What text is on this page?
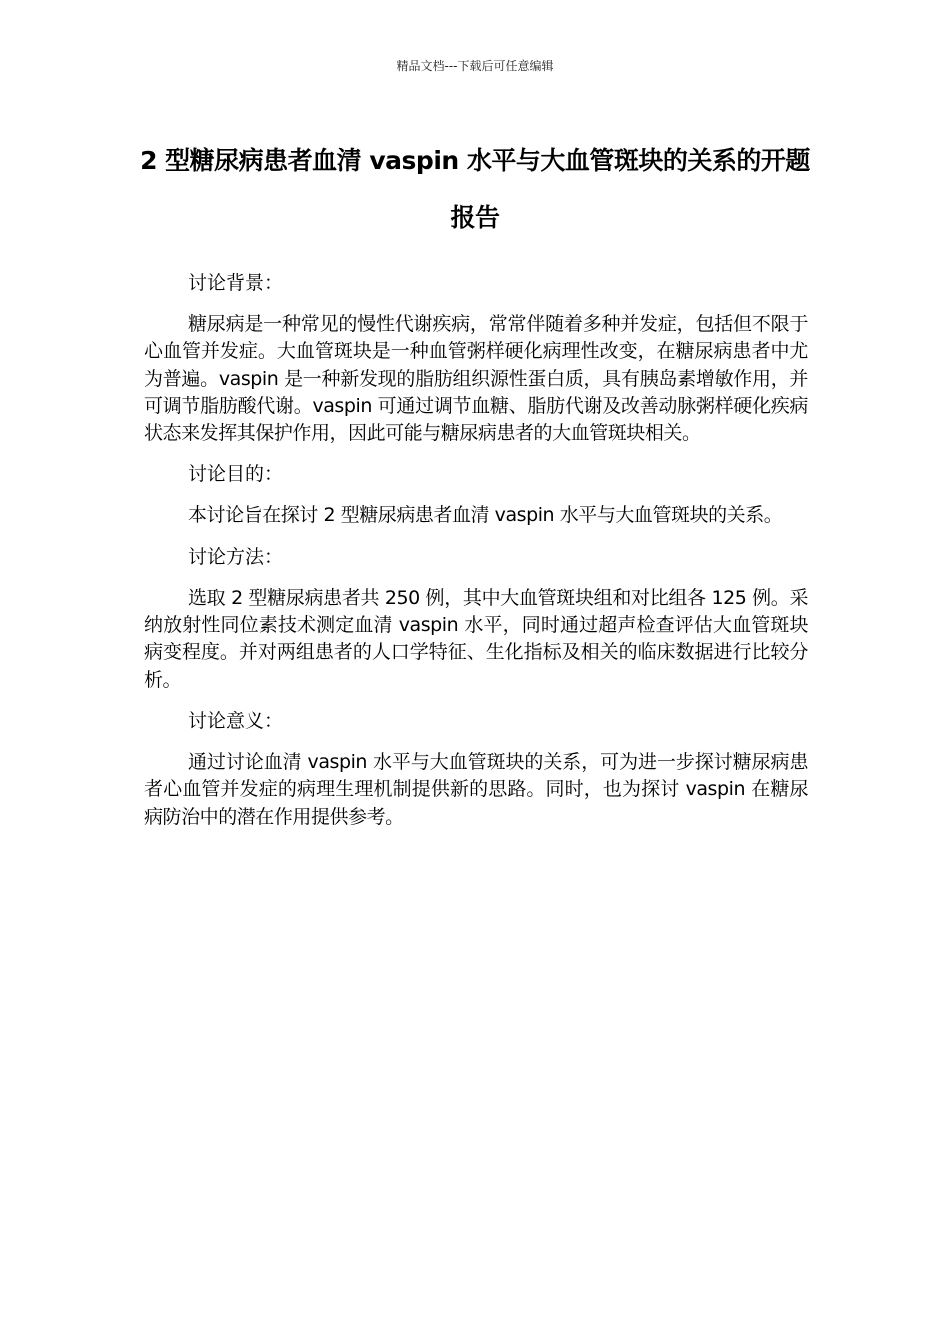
精品文档---下载后可任意编辑
2 型糖尿病患者血清 vaspin 水平与大血管斑块的关系的开题报告

讨论背景：

糖尿病是一种常见的慢性代谢疾病，常常伴随着多种并发症，包括但不限于心血管并发症。大血管斑块是一种血管粥样硬化病理性改变，在糖尿病患者中尤为普遍。vaspin 是一种新发现的脂肪组织源性蛋白质，具有胰岛素增敏作用，并可调节脂肪酸代谢。vaspin 可通过调节血糖、脂肪代谢及改善动脉粥样硬化疾病状态来发挥其保护作用，因此可能与糖尿病患者的大血管斑块相关。

讨论目的：

本讨论旨在探讨 2 型糖尿病患者血清 vaspin 水平与大血管斑块的关系。

讨论方法：

选取 2 型糖尿病患者共 250 例，其中大血管斑块组和对比组各 125 例。采纳放射性同位素技术测定血清 vaspin 水平，同时通过超声检查评估大血管斑块病变程度。并对两组患者的人口学特征、生化指标及相关的临床数据进行比较分析。

讨论意义：

通过讨论血清 vaspin 水平与大血管斑块的关系，可为进一步探讨糖尿病患者心血管并发症的病理生理机制提供新的思路。同时，也为探讨 vaspin 在糖尿病防治中的潜在作用提供参考。
